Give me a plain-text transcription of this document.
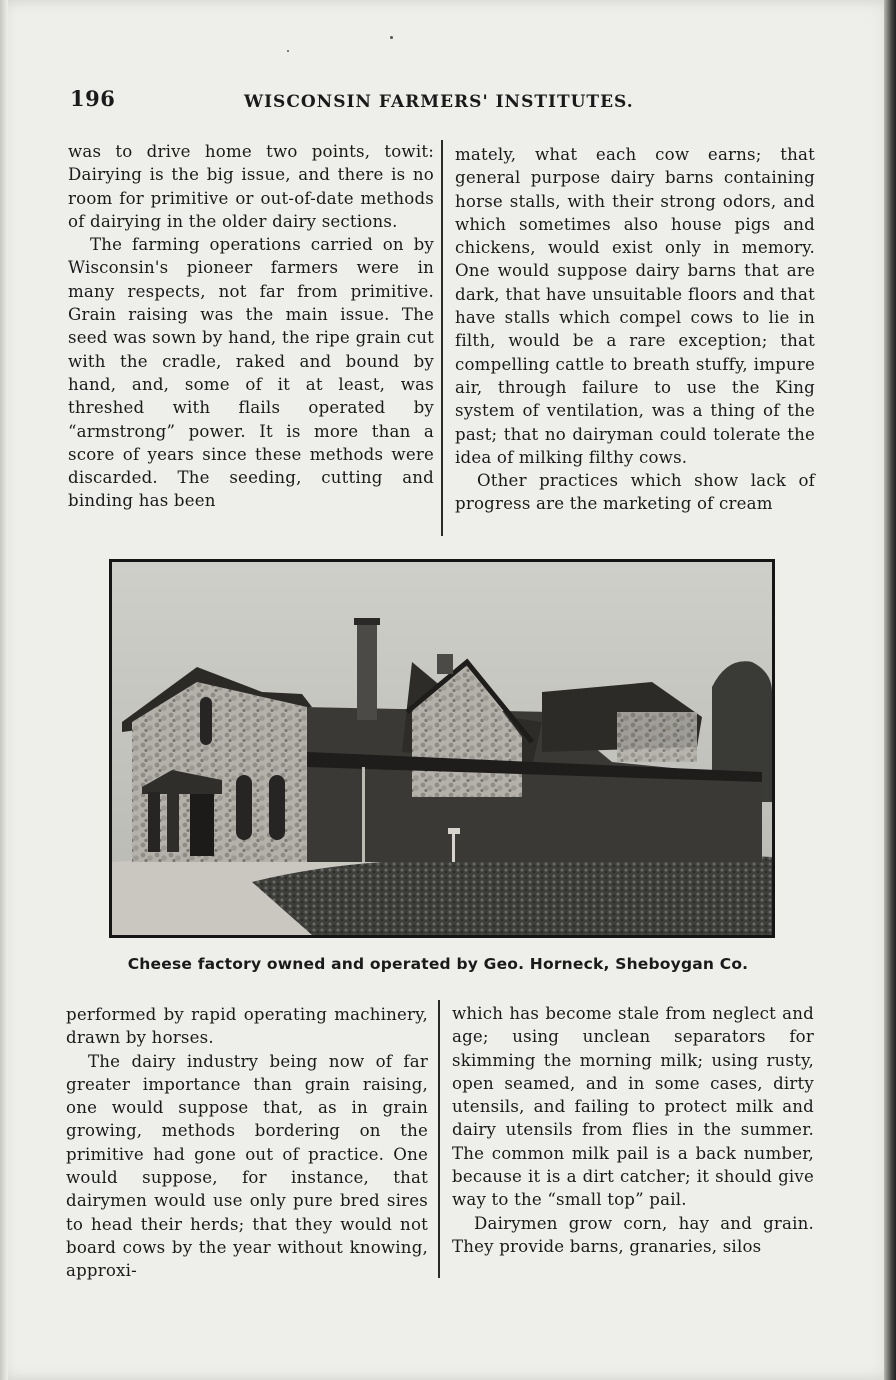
196	WISCONSIN FARMERS' INSTITUTES.

was to drive home two points, towit: Dairying is the big issue, and there is no room for primitive or out-of-date methods of dairying in the older dairy sections.

The farming operations carried on by Wisconsin's pioneer farmers were in many respects, not far from primitive. Grain raising was the main issue. The seed was sown by hand, the ripe grain cut with the cradle, raked and bound by hand, and, some of it at least, was threshed with flails operated by “armstrong” power. It is more than a score of years since these methods were discarded. The seeding, cutting and binding has been

mately, what each cow earns; that general purpose dairy barns containing horse stalls, with their strong odors, and which sometimes also house pigs and chickens, would exist only in memory. One would suppose dairy barns that are dark, that have unsuitable floors and that have stalls which compel cows to lie in filth, would be a rare exception; that compelling cattle to breath stuffy, impure air, through failure to use the King system of ventilation, was a thing of the past; that no dairyman could tolerate the idea of milking filthy cows.

Other practices which show lack of progress are the marketing of cream

Cheese factory owned and operated by Geo. Horneck, Sheboygan Co.

performed by rapid operating machinery, drawn by horses.

The dairy industry being now of far greater importance than grain raising, one would suppose that, as in grain growing, methods bordering on the primitive had gone out of practice. One would suppose, for instance, that dairymen would use only pure bred sires to head their herds; that they would not board cows by the year without knowing, approxi-

which has become stale from neglect and age; using unclean separators for skimming the morning milk; using rusty, open seamed, and in some cases, dirty utensils, and failing to protect milk and dairy utensils from flies in the summer. The common milk pail is a back number, because it is a dirt catcher; it should give way to the “small top” pail.

Dairymen grow corn, hay and grain. They provide barns, granaries, silos
